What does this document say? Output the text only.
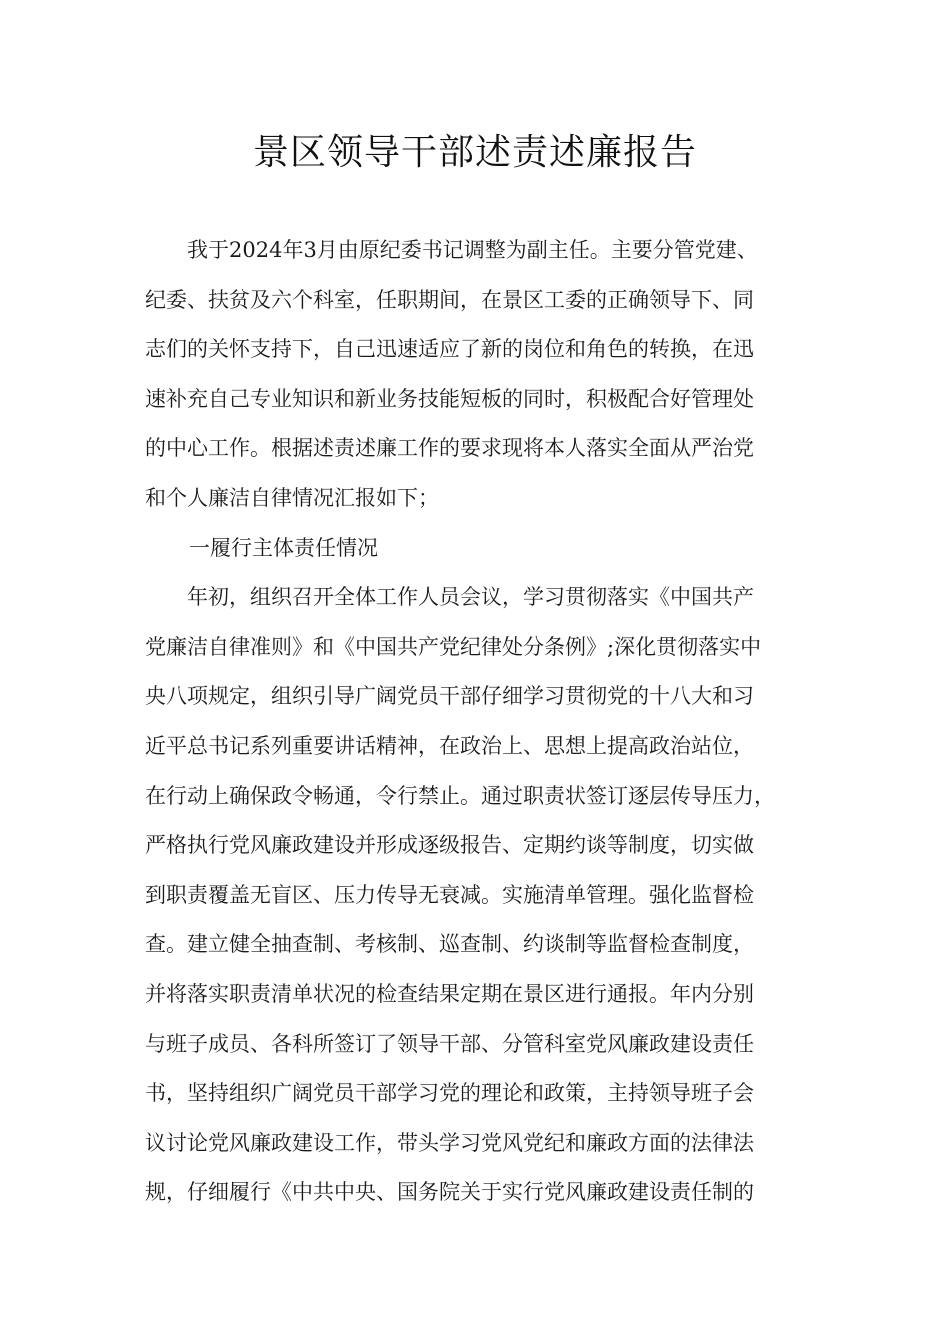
景区领导干部述责述廉报告
我于2024年3月由原纪委书记调整为副主任。主要分管党建、
纪委、扶贫及六个科室，任职期间，在景区工委的正确领导下、同
志们的关怀支持下，自己迅速适应了新的岗位和角色的转换，在迅
速补充自己专业知识和新业务技能短板的同时，积极配合好管理处
的中心工作。根据述责述廉工作的要求现将本人落实全面从严治党
和个人廉洁自律情况汇报如下；
一履行主体责任情况
年初，组织召开全体工作人员会议，学习贯彻落实《中国共产
党廉洁自律准则》和《中国共产党纪律处分条例》;深化贯彻落实中
央八项规定，组织引导广阔党员干部仔细学习贯彻党的十八大和习
近平总书记系列重要讲话精神，在政治上、思想上提高政治站位，
在行动上确保政令畅通，令行禁止。通过职责状签订逐层传导压力，
严格执行党风廉政建设并形成逐级报告、定期约谈等制度，切实做
到职责覆盖无盲区、压力传导无衰减。实施清单管理。强化监督检
查。建立健全抽查制、考核制、巡查制、约谈制等监督检查制度，
并将落实职责清单状况的检查结果定期在景区进行通报。年内分别
与班子成员、各科所签订了领导干部、分管科室党风廉政建设责任
书，坚持组织广阔党员干部学习党的理论和政策，主持领导班子会
议讨论党风廉政建设工作，带头学习党风党纪和廉政方面的法律法
规，仔细履行《中共中央、国务院关于实行党风廉政建设责任制的
